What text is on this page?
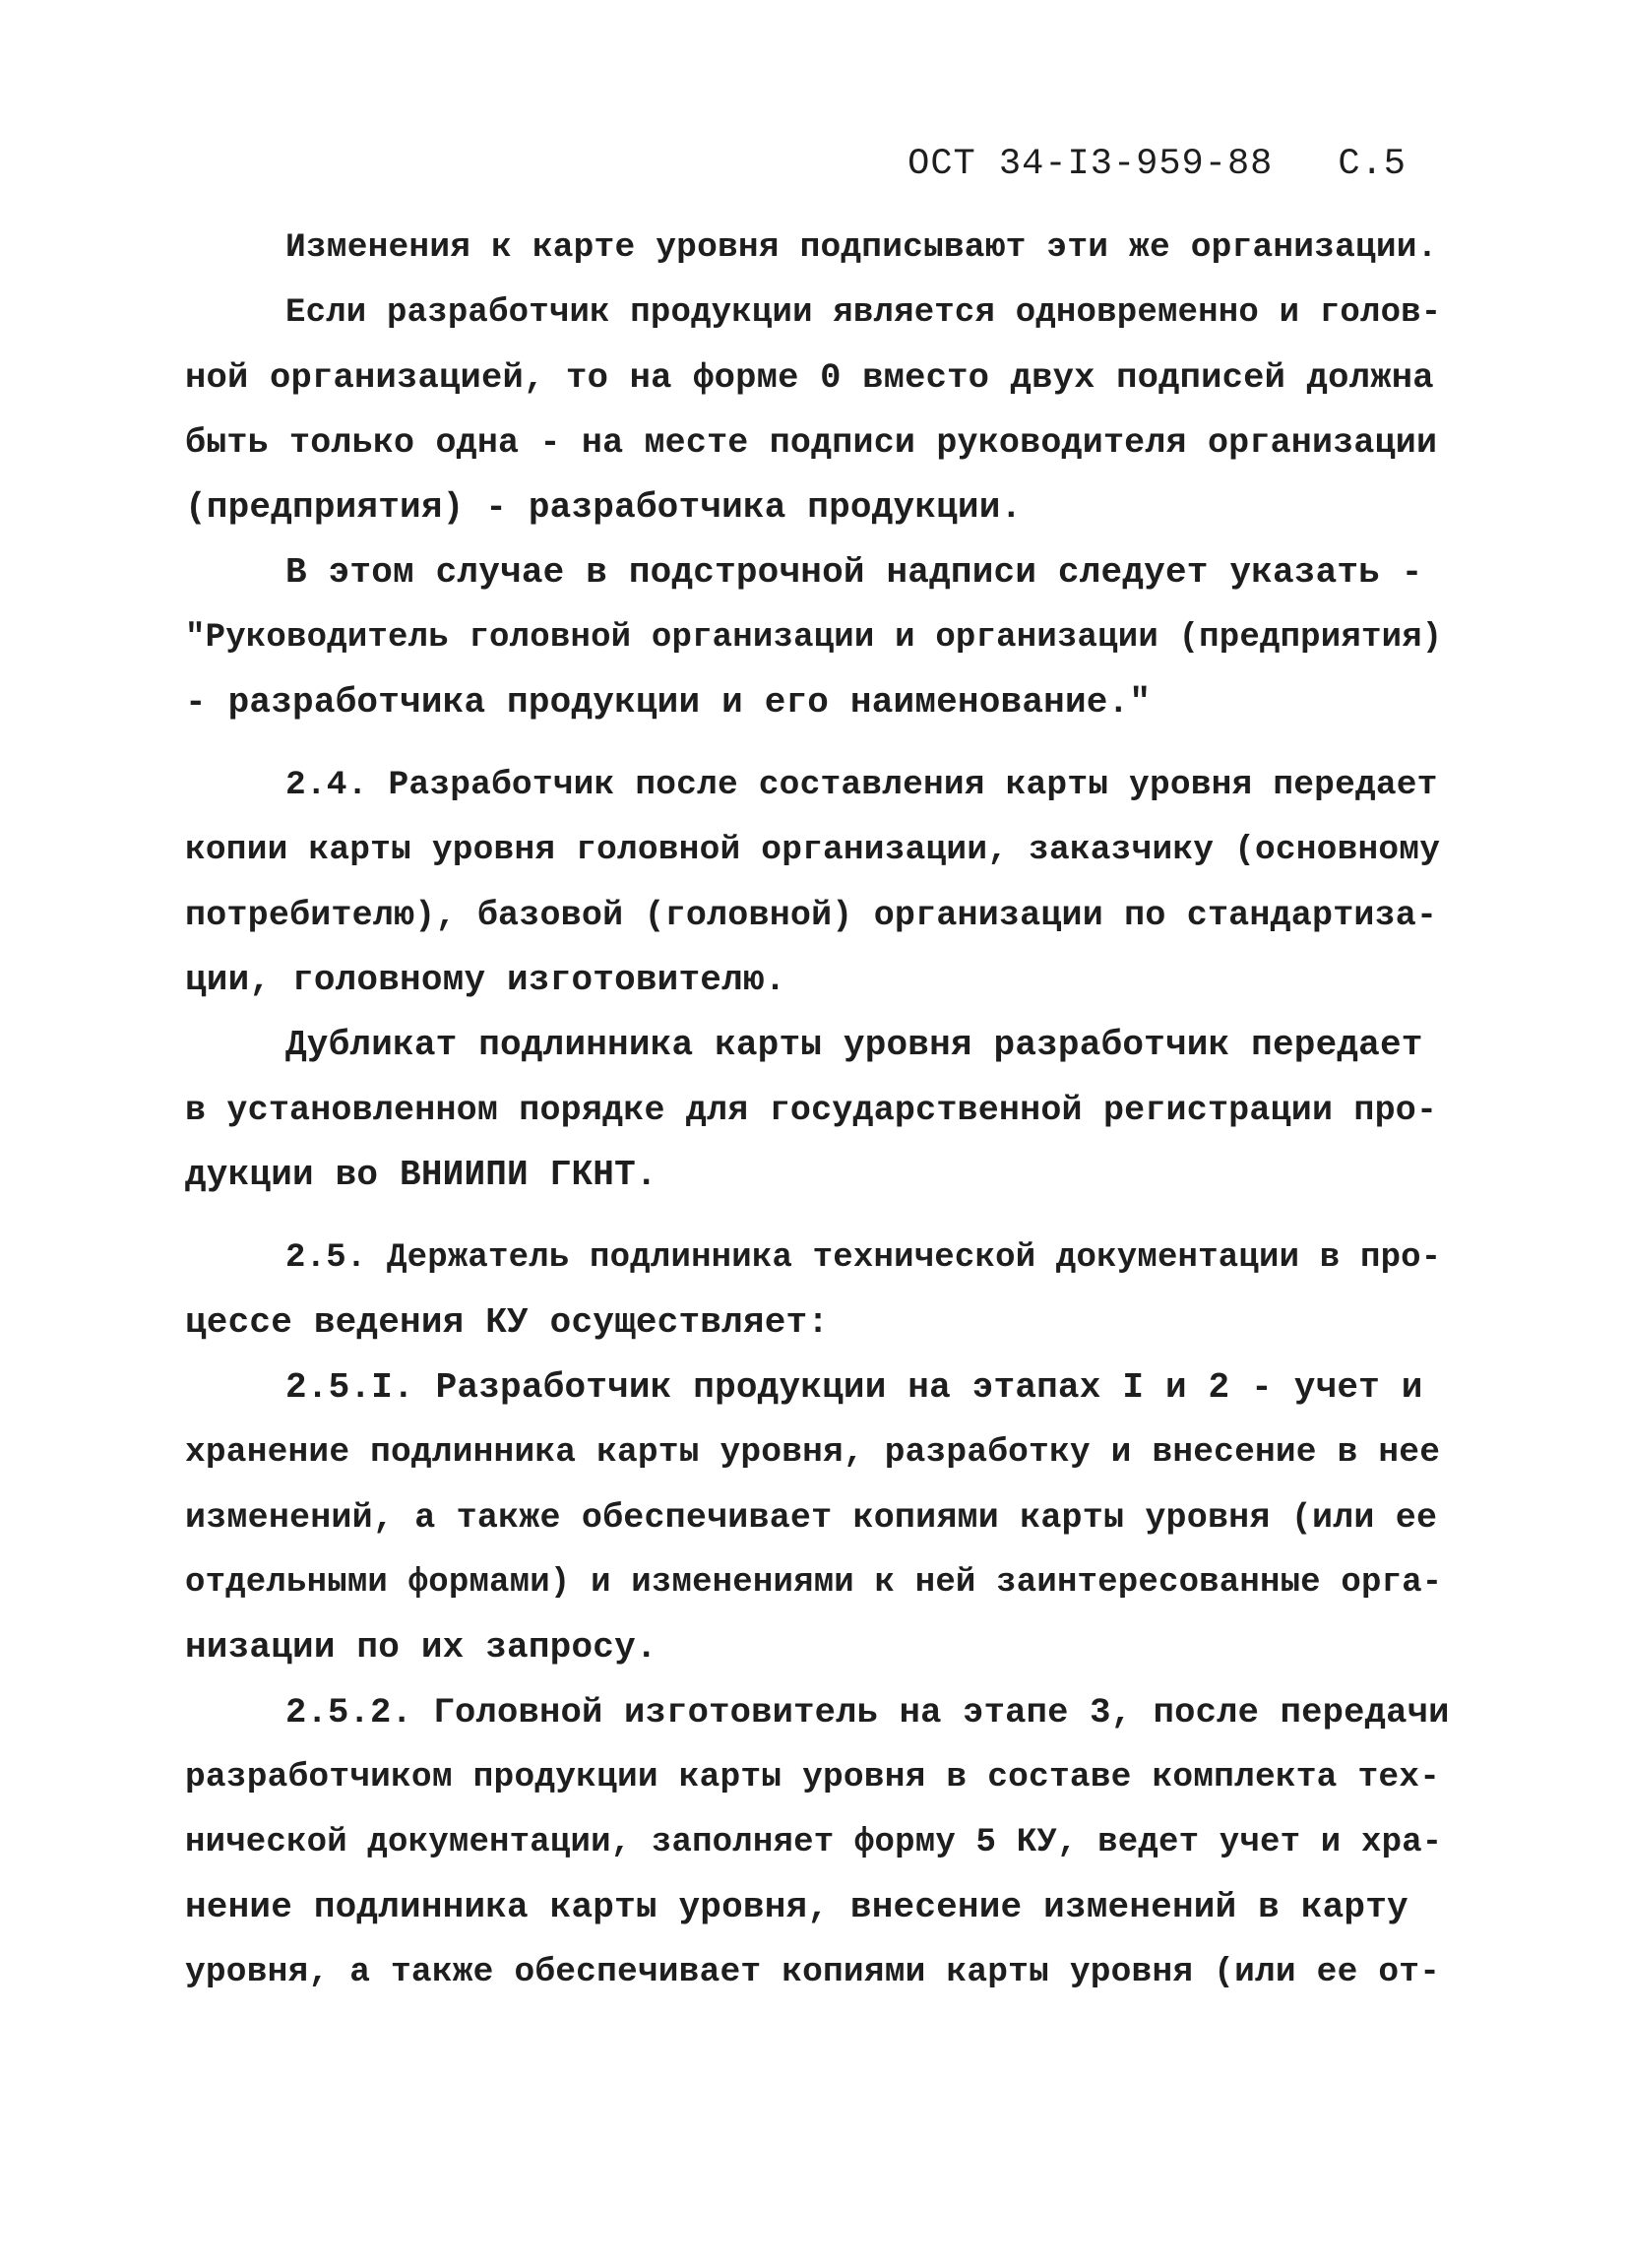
ОСТ 34-I3-959-88 С.5
Изменения к карте уровня подписывают эти же организации.
Если разработчик продукции является одновременно и голов-
ной организацией, то на форме 0 вместо двух подписей должна
быть только одна - на месте подписи руководителя организации
(предприятия) - разработчика продукции.
В этом случае в подстрочной надписи следует указать -
"Руководитель головной организации и организации (предприятия)
- разработчика продукции и его наименование."
2.4. Разработчик после составления карты уровня передает
копии карты уровня головной организации, заказчику (основному
потребителю), базовой (головной) организации по стандартиза-
ции, головному изготовителю.
Дубликат подлинника карты уровня разработчик передает
в установленном порядке для государственной регистрации про-
дукции во ВНИИПИ ГКНТ.
2.5. Держатель подлинника технической документации в про-
цессе ведения КУ осуществляет:
2.5.I. Разработчик продукции на этапах I и 2 - учет и
хранение подлинника карты уровня, разработку и внесение в нее
изменений, а также обеспечивает копиями карты уровня (или ее
отдельными формами) и изменениями к ней заинтересованные орга-
низации по их запросу.
2.5.2. Головной изготовитель на этапе 3, после передачи
разработчиком продукции карты уровня в составе комплекта тех-
нической документации, заполняет форму 5 КУ, ведет учет и хра-
нение подлинника карты уровня, внесение изменений в карту
уровня, а также обеспечивает копиями карты уровня (или ее от-
